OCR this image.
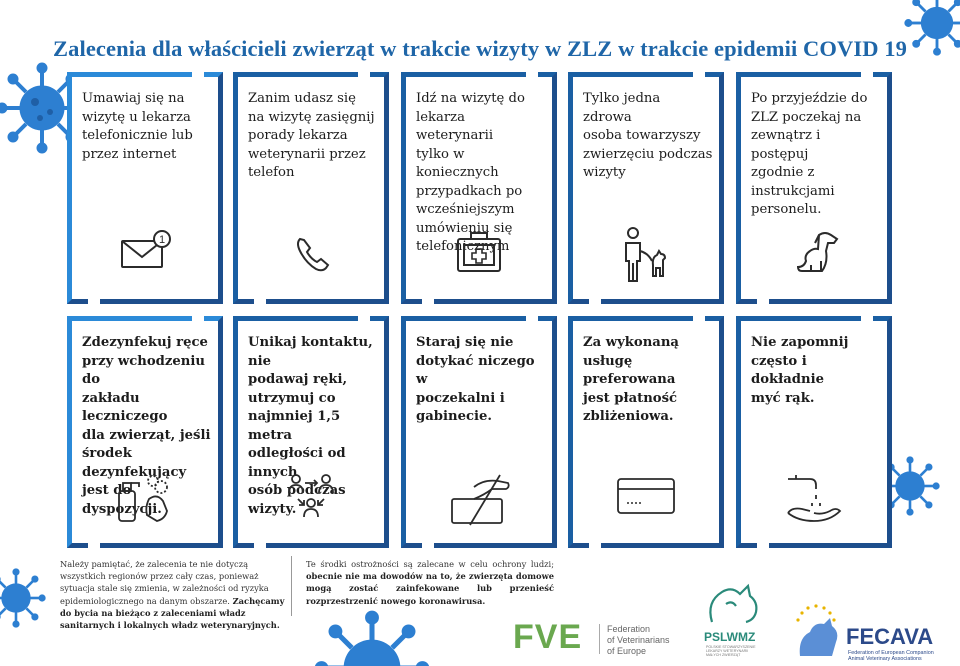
Zalecenia dla właścicieli zwierząt w trakcie wizyty w ZLZ w trakcie epidemii COVID 19
Umawiaj się na
wizytę u lekarza
telefonicznie lub
przez internet
1
Zanim udasz się
na wizytę zasięgnij
porady lekarza
weterynarii przez
telefon
Idź na wizytę do
lekarza weterynarii
tylko w koniecznych
przypadkach po
wcześniejszym
umówieniu się
telefonicznym
Tylko jedna zdrowa
osoba towarzyszy
zwierzęciu podczas
wizyty
Po przyjeździe do
ZLZ poczekaj na
zewnątrz i postępuj
zgodnie z
instrukcjami
personelu.
Zdezynfekuj ręce
przy wchodzeniu do
zakładu leczniczego
dla zwierząt, jeśli
środek dezynfekujący
jest do dyspozycji.
Unikaj kontaktu, nie
podawaj ręki,
utrzymuj co
najmniej 1,5 metra
odległości od innych
osób podczas wizyty.
Staraj się nie
dotykać niczego w
poczekalni i
gabinecie.
Za wykonaną
usługę preferowana
jest płatność
zbliżeniowa.
Nie zapomnij
często i dokładnie
myć rąk.
Należy pamiętać, że zalecenia te nie dotyczą wszystkich regionów przez cały czas, ponieważ sytuacja stale się zmienia, w zależności od ryzyka epidemiologicznego na danym obszarze. Zachęcamy do bycia na bieżąco z zaleceniami władz sanitarnych i lokalnych władz weterynaryjnych.
Te środki ostrożności są zalecane w celu ochrony ludzi; obecnie nie ma dowodów na to, że zwierzęta domowe mogą zostać zainfekowane lub przenieść rozprzestrzenić nowego koronawirusa.
FVE	Federation
of Veterinarians
of Europe
PSLWMZ
POLSKIE STOWARZYSZENIE
LEKARZY WETERYNARII
MAŁYCH ZWIERZĄT
FECAVA
Federation of European Companion
Animal Veterinary Associations
